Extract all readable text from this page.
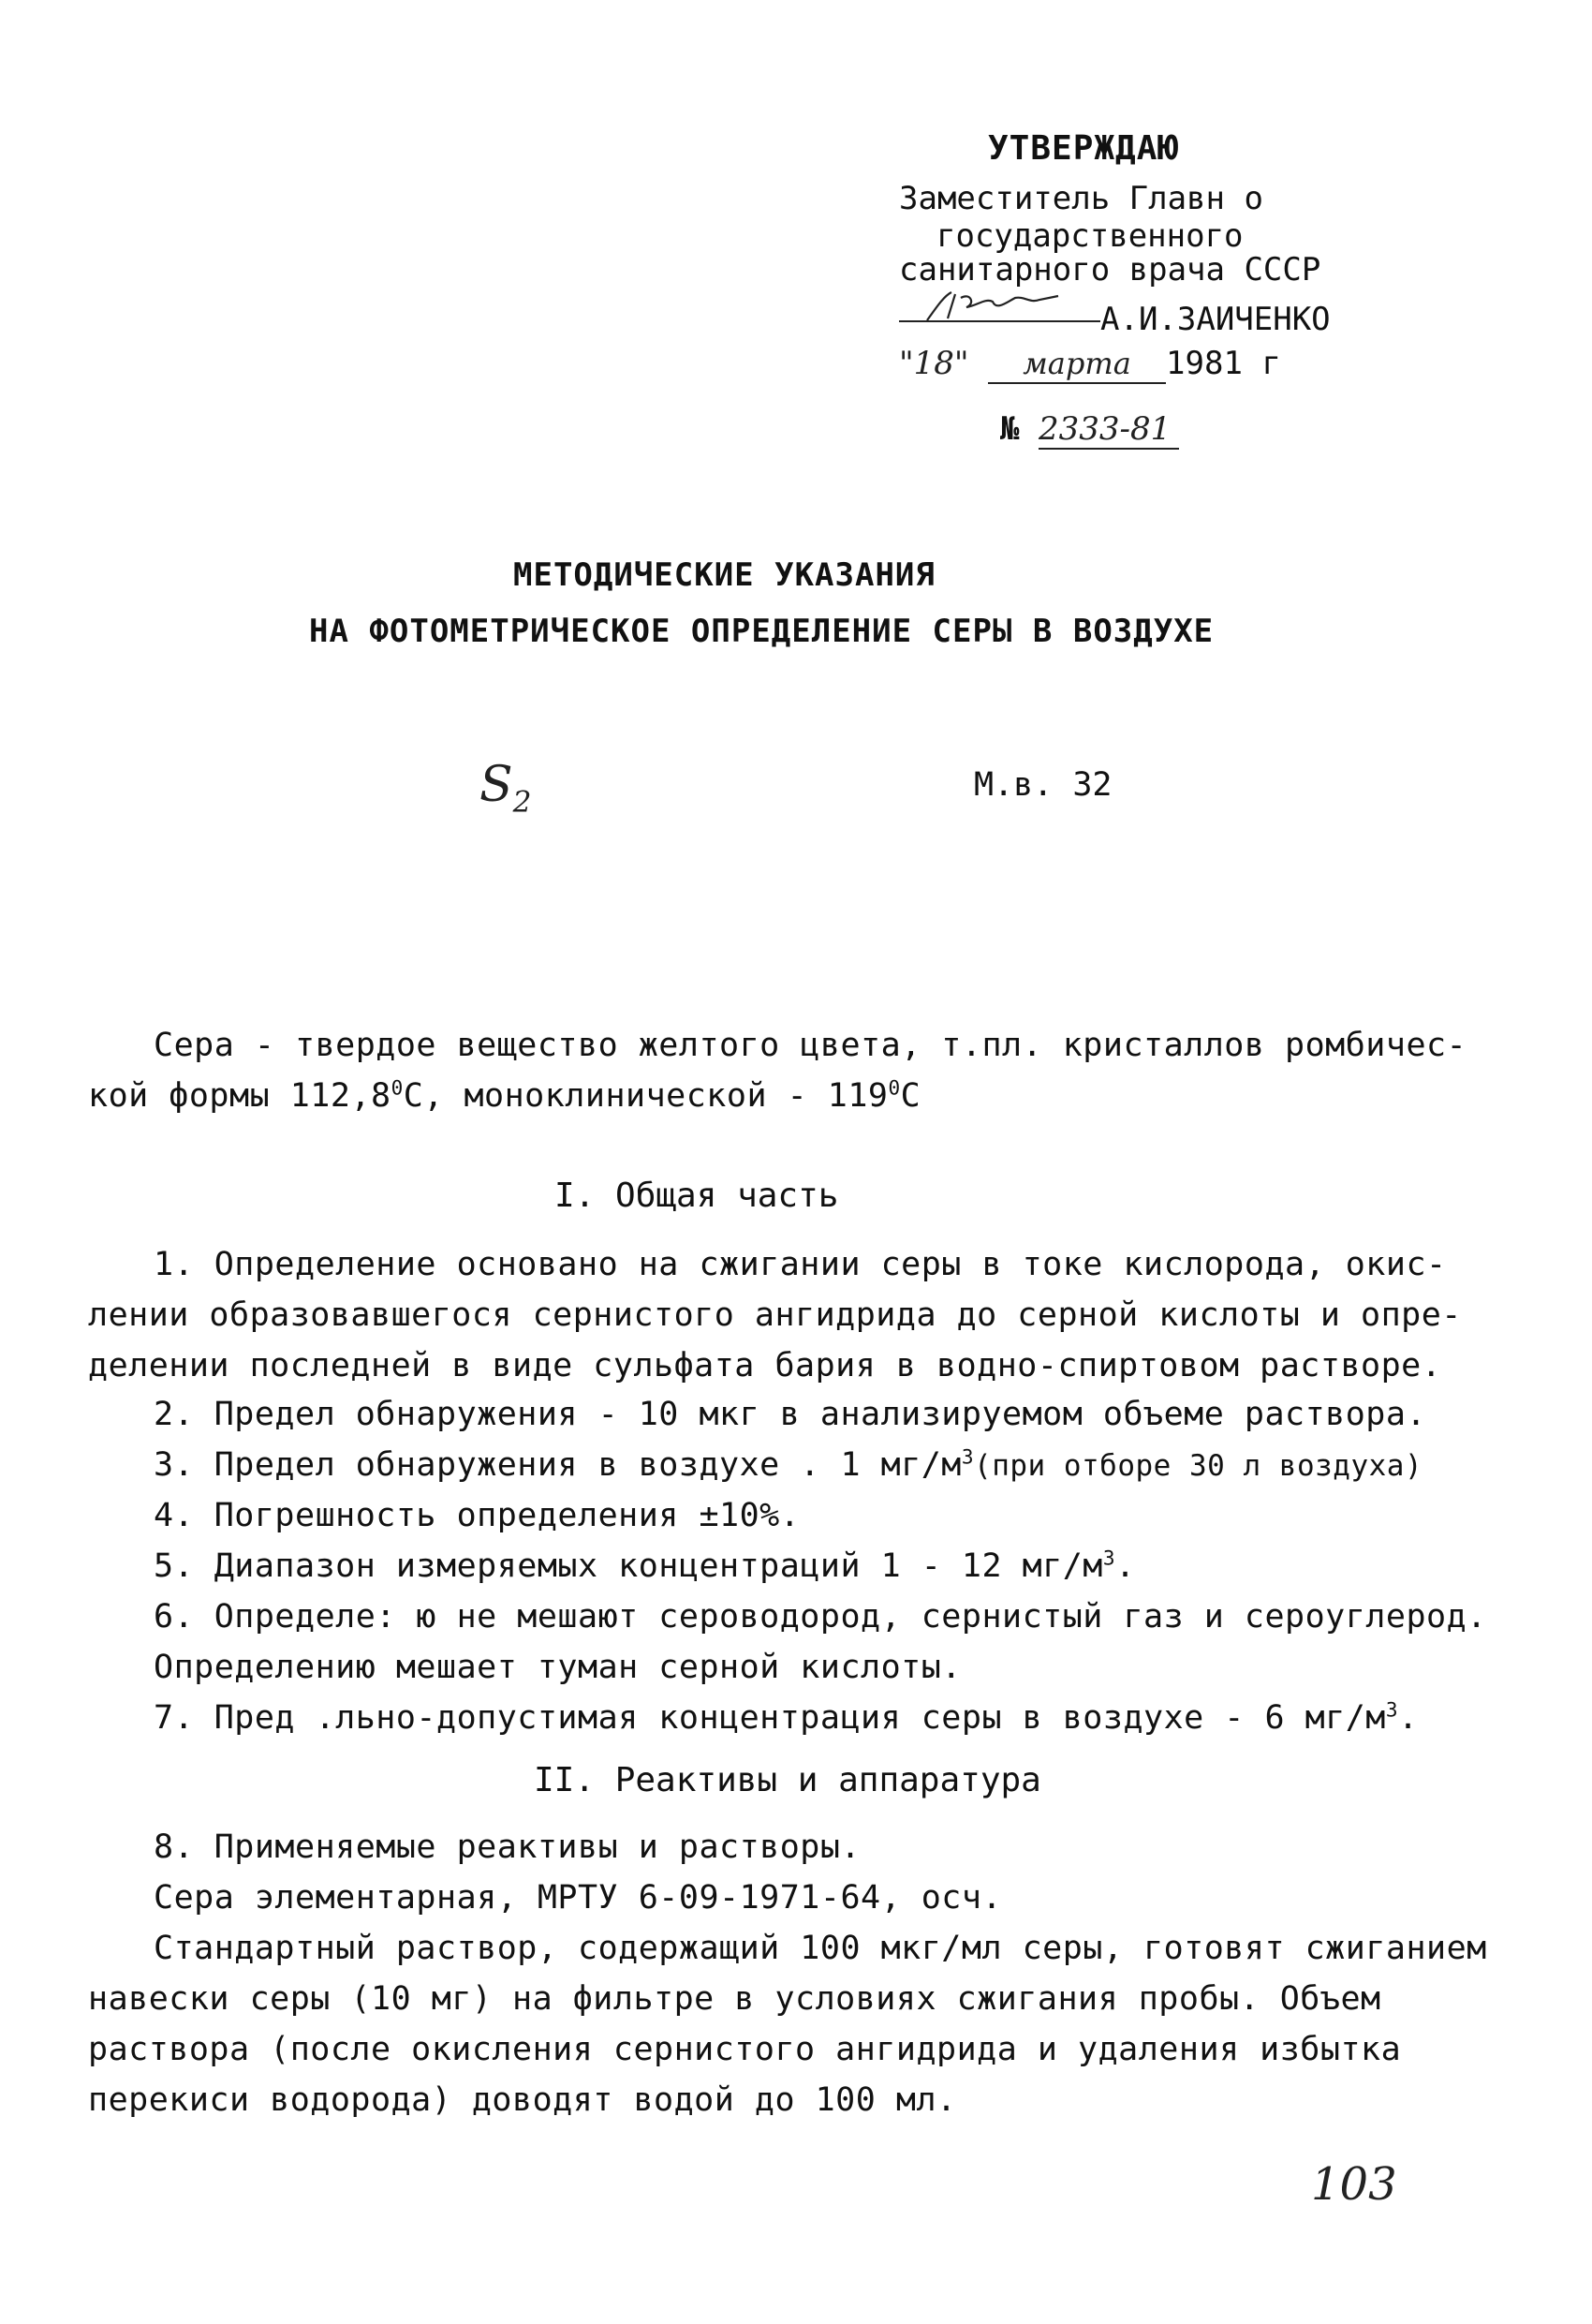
УТВЕРЖДАЮ
Заместитель Главн о
государственного
санитарного врача СССР
А.И.ЗАИЧЕНКО
"18" марта 1981 г
№ 2333-81
МЕТОДИЧЕСКИЕ УКАЗАНИЯ
НА ФОТОМЕТРИЧЕСКОЕ ОПРЕДЕЛЕНИЕ СЕРЫ В ВОЗДУХЕ
$S_2$	М.в. 32
Сера - твердое вещество желтого цвета, т.пл. кристаллов ромбичес-
кой формы 112,8$^0$С, моноклинической - $119^0С$
I. Общая часть
1. Определение основано на сжигании серы в токе кислорода, окис-
лении образовавшегося сернистого ангидрида до серной кислоты и опре-
делении последней в виде сульфата бария в водно-спиртовом растворе.
2. Предел обнаружения - 10 мкг в анализируемом объеме раствора.
3. Предел обнаружения в воздухе . 1 $мг/м^3(при$ отборе 30 л воздуха)
4. Погрешность определения ±10%.
5. Диапазон измеряемых концентраций 1 - 12 $мг/м^3$.
6. Определе: ю не мешают сероводород, сернистый газ и сероуглерод.
Определению мешает туман серной кислоты.
7. Пред .льно-допустимая концентрация серы в воздухе - 6 $мг/м^3$.
II. Реактивы и аппаратура
8. Применяемые реактивы и растворы.
Сера элементарная, МРТУ 6-09-1971-64, осч.
Стандартный раствор, содержащий 100 мкг/мл серы, готовят сжиганием
навески серы (10 мг) на фильтре в условиях сжигания пробы. Объем
раствора (после окисления сернистого ангидрида и удаления избытка
перекиси водорода) доводят водой до 100 мл.
103
